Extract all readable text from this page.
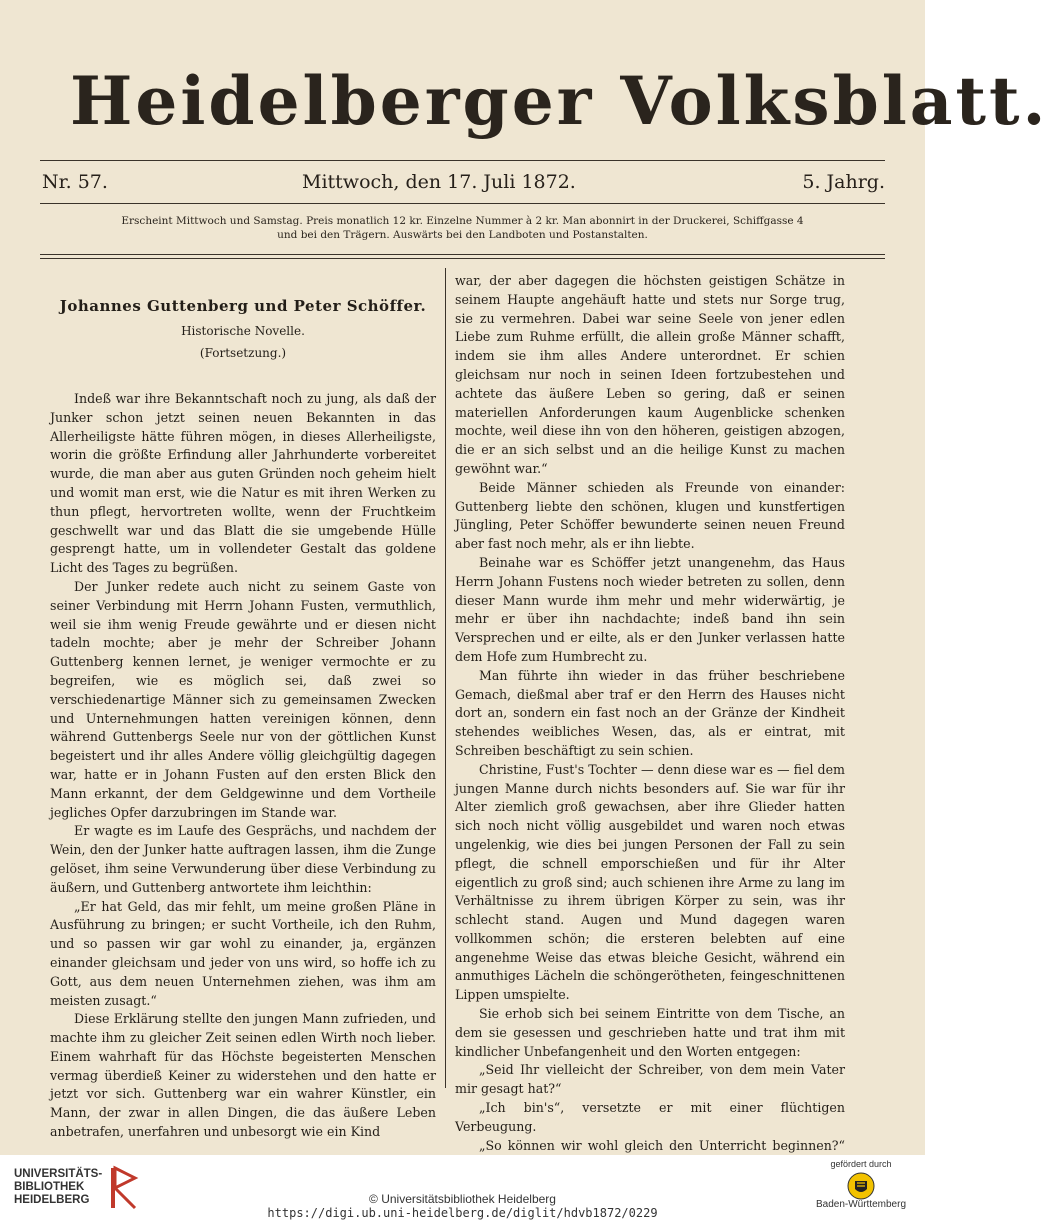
Heidelberger Volksblatt.
Nr. 57.	Mittwoch, den 17. Juli 1872.	5. Jahrg.
Erscheint Mittwoch und Samstag. Preis monatlich 12 kr. Einzelne Nummer à 2 kr. Man abonnirt in der Druckerei, Schiffgasse 4
und bei den Trägern. Auswärts bei den Landboten und Postanstalten.
Johannes Guttenberg und Peter Schöffer.
Historische Novelle.
(Fortsetzung.)

Indeß war ihre Bekanntschaft noch zu jung, als daß der Junker schon jetzt seinen neuen Bekannten in das Allerheiligste hätte führen mögen, in dieses Allerheiligste, worin die größte Erfindung aller Jahrhunderte vorbereitet wurde, die man aber aus guten Gründen noch geheim hielt und womit man erst, wie die Natur es mit ihren Werken zu thun pflegt, hervortreten wollte, wenn der Fruchtkeim geschwellt war und das Blatt die sie umgebende Hülle gesprengt hatte, um in vollendeter Gestalt das goldene Licht des Tages zu begrüßen.

Der Junker redete auch nicht zu seinem Gaste von seiner Verbindung mit Herrn Johann Fusten, vermuthlich, weil sie ihm wenig Freude gewährte und er diesen nicht tadeln mochte; aber je mehr der Schreiber Johann Guttenberg kennen lernet, je weniger vermochte er zu begreifen, wie es möglich sei, daß zwei so verschiedenartige Männer sich zu gemeinsamen Zwecken und Unternehmungen hatten vereinigen können, denn während Guttenbergs Seele nur von der göttlichen Kunst begeistert und ihr alles Andere völlig gleichgültig dagegen war, hatte er in Johann Fusten auf den ersten Blick den Mann erkannt, der dem Geldgewinne und dem Vortheile jegliches Opfer darzubringen im Stande war.

Er wagte es im Laufe des Gesprächs, und nachdem der Wein, den der Junker hatte auftragen lassen, ihm die Zunge gelöset, ihm seine Verwunderung über diese Verbindung zu äußern, und Guttenberg antwortete ihm leichthin:

„Er hat Geld, das mir fehlt, um meine großen Pläne in Ausführung zu bringen; er sucht Vortheile, ich den Ruhm, und so passen wir gar wohl zu einander, ja, ergänzen einander gleichsam und jeder von uns wird, so hoffe ich zu Gott, aus dem neuen Unternehmen ziehen, was ihm am meisten zusagt.“

Diese Erklärung stellte den jungen Mann zufrieden, und machte ihm zu gleicher Zeit seinen edlen Wirth noch lieber. Einem wahrhaft für das Höchste begeisterten Menschen vermag überdieß Keiner zu widerstehen und den hatte er jetzt vor sich. Guttenberg war ein wahrer Künstler, ein Mann, der zwar in allen Dingen, die das äußere Leben anbetrafen, unerfahren und unbesorgt wie ein Kind

war, der aber dagegen die höchsten geistigen Schätze in seinem Haupte angehäuft hatte und stets nur Sorge trug, sie zu vermehren. Dabei war seine Seele von jener edlen Liebe zum Ruhme erfüllt, die allein große Männer schafft, indem sie ihm alles Andere unterordnet. Er schien gleichsam nur noch in seinen Ideen fortzubestehen und achtete das äußere Leben so gering, daß er seinen materiellen Anforderungen kaum Augenblicke schenken mochte, weil diese ihn von den höheren, geistigen abzogen, die er an sich selbst und an die heilige Kunst zu machen gewöhnt war.“

Beide Männer schieden als Freunde von einander: Guttenberg liebte den schönen, klugen und kunstfertigen Jüngling, Peter Schöffer bewunderte seinen neuen Freund aber fast noch mehr, als er ihn liebte.

Beinahe war es Schöffer jetzt unangenehm, das Haus Herrn Johann Fustens noch wieder betreten zu sollen, denn dieser Mann wurde ihm mehr und mehr widerwärtig, je mehr er über ihn nachdachte; indeß band ihn sein Versprechen und er eilte, als er den Junker verlassen hatte dem Hofe zum Humbrecht zu.

Man führte ihn wieder in das früher beschriebene Gemach, dießmal aber traf er den Herrn des Hauses nicht dort an, sondern ein fast noch an der Gränze der Kindheit stehendes weibliches Wesen, das, als er eintrat, mit Schreiben beschäftigt zu sein schien.

Christine, Fust's Tochter — denn diese war es — fiel dem jungen Manne durch nichts besonders auf. Sie war für ihr Alter ziemlich groß gewachsen, aber ihre Glieder hatten sich noch nicht völlig ausgebildet und waren noch etwas ungelenkig, wie dies bei jungen Personen der Fall zu sein pflegt, die schnell emporschießen und für ihr Alter eigentlich zu groß sind; auch schienen ihre Arme zu lang im Verhältnisse zu ihrem übrigen Körper zu sein, was ihr schlecht stand. Augen und Mund dagegen waren vollkommen schön; die ersteren belebten auf eine angenehme Weise das etwas bleiche Gesicht, während ein anmuthiges Lächeln die schöngerötheten, feingeschnittenen Lippen umspielte.

Sie erhob sich bei seinem Eintritte von dem Tische, an dem sie gesessen und geschrieben hatte und trat ihm mit kindlicher Unbefangenheit und den Worten entgegen:

„Seid Ihr vielleicht der Schreiber, von dem mein Vater mir gesagt hat?“

„Ich bin's“, versetzte er mit einer flüchtigen Verbeugung.

„So können wir wohl gleich den Unterricht beginnen?“

UNIVERSITÄTS- BIBLIOTHEK HEIDELBERG	© Universitätsbibliothek Heidelberg
https://digi.ub.uni-heidelberg.de/diglit/hdvb1872/0229
gefördert durch
Baden-Württemberg
